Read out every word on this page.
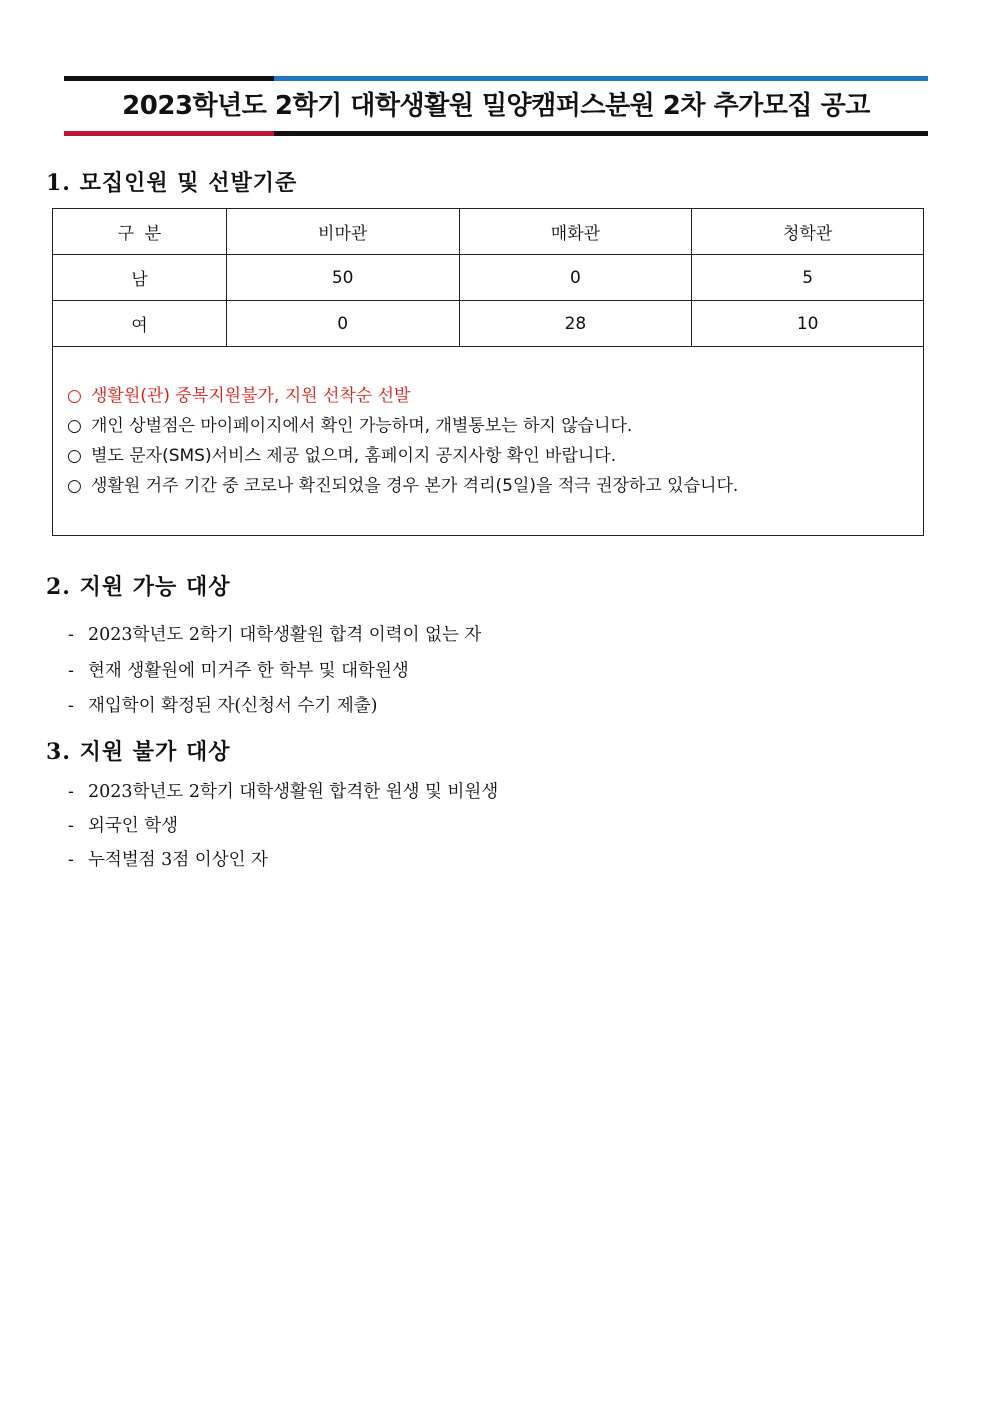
2023학년도 2학기 대학생활원 밀양캠퍼스분원 2차 추가모집 공고
1. 모집인원 및 선발기준
구  분	비마관	매화관	청학관
남	50	0	5
여	0	28	10

○ 생활원(관) 중복지원불가, 지원 선착순 선발
○ 개인 상벌점은 마이페이지에서 확인 가능하며, 개별통보는 하지 않습니다.
○ 별도 문자(SMS)서비스 제공 없으며, 홈페이지 공지사항 확인 바랍니다.
○ 생활원 거주 기간 중 코로나 확진되었을 경우 본가 격리(5일)을 적극 권장하고 있습니다.			
2. 지원 가능 대상
- 2023학년도 2학기 대학생활원 합격 이력이 없는 자
- 현재 생활원에 미거주 한 학부 및 대학원생
- 재입학이 확정된 자(신청서 수기 제출)
3. 지원 불가 대상
- 2023학년도 2학기 대학생활원 합격한 원생 및 비원생
- 외국인 학생
- 누적벌점 3점 이상인 자
